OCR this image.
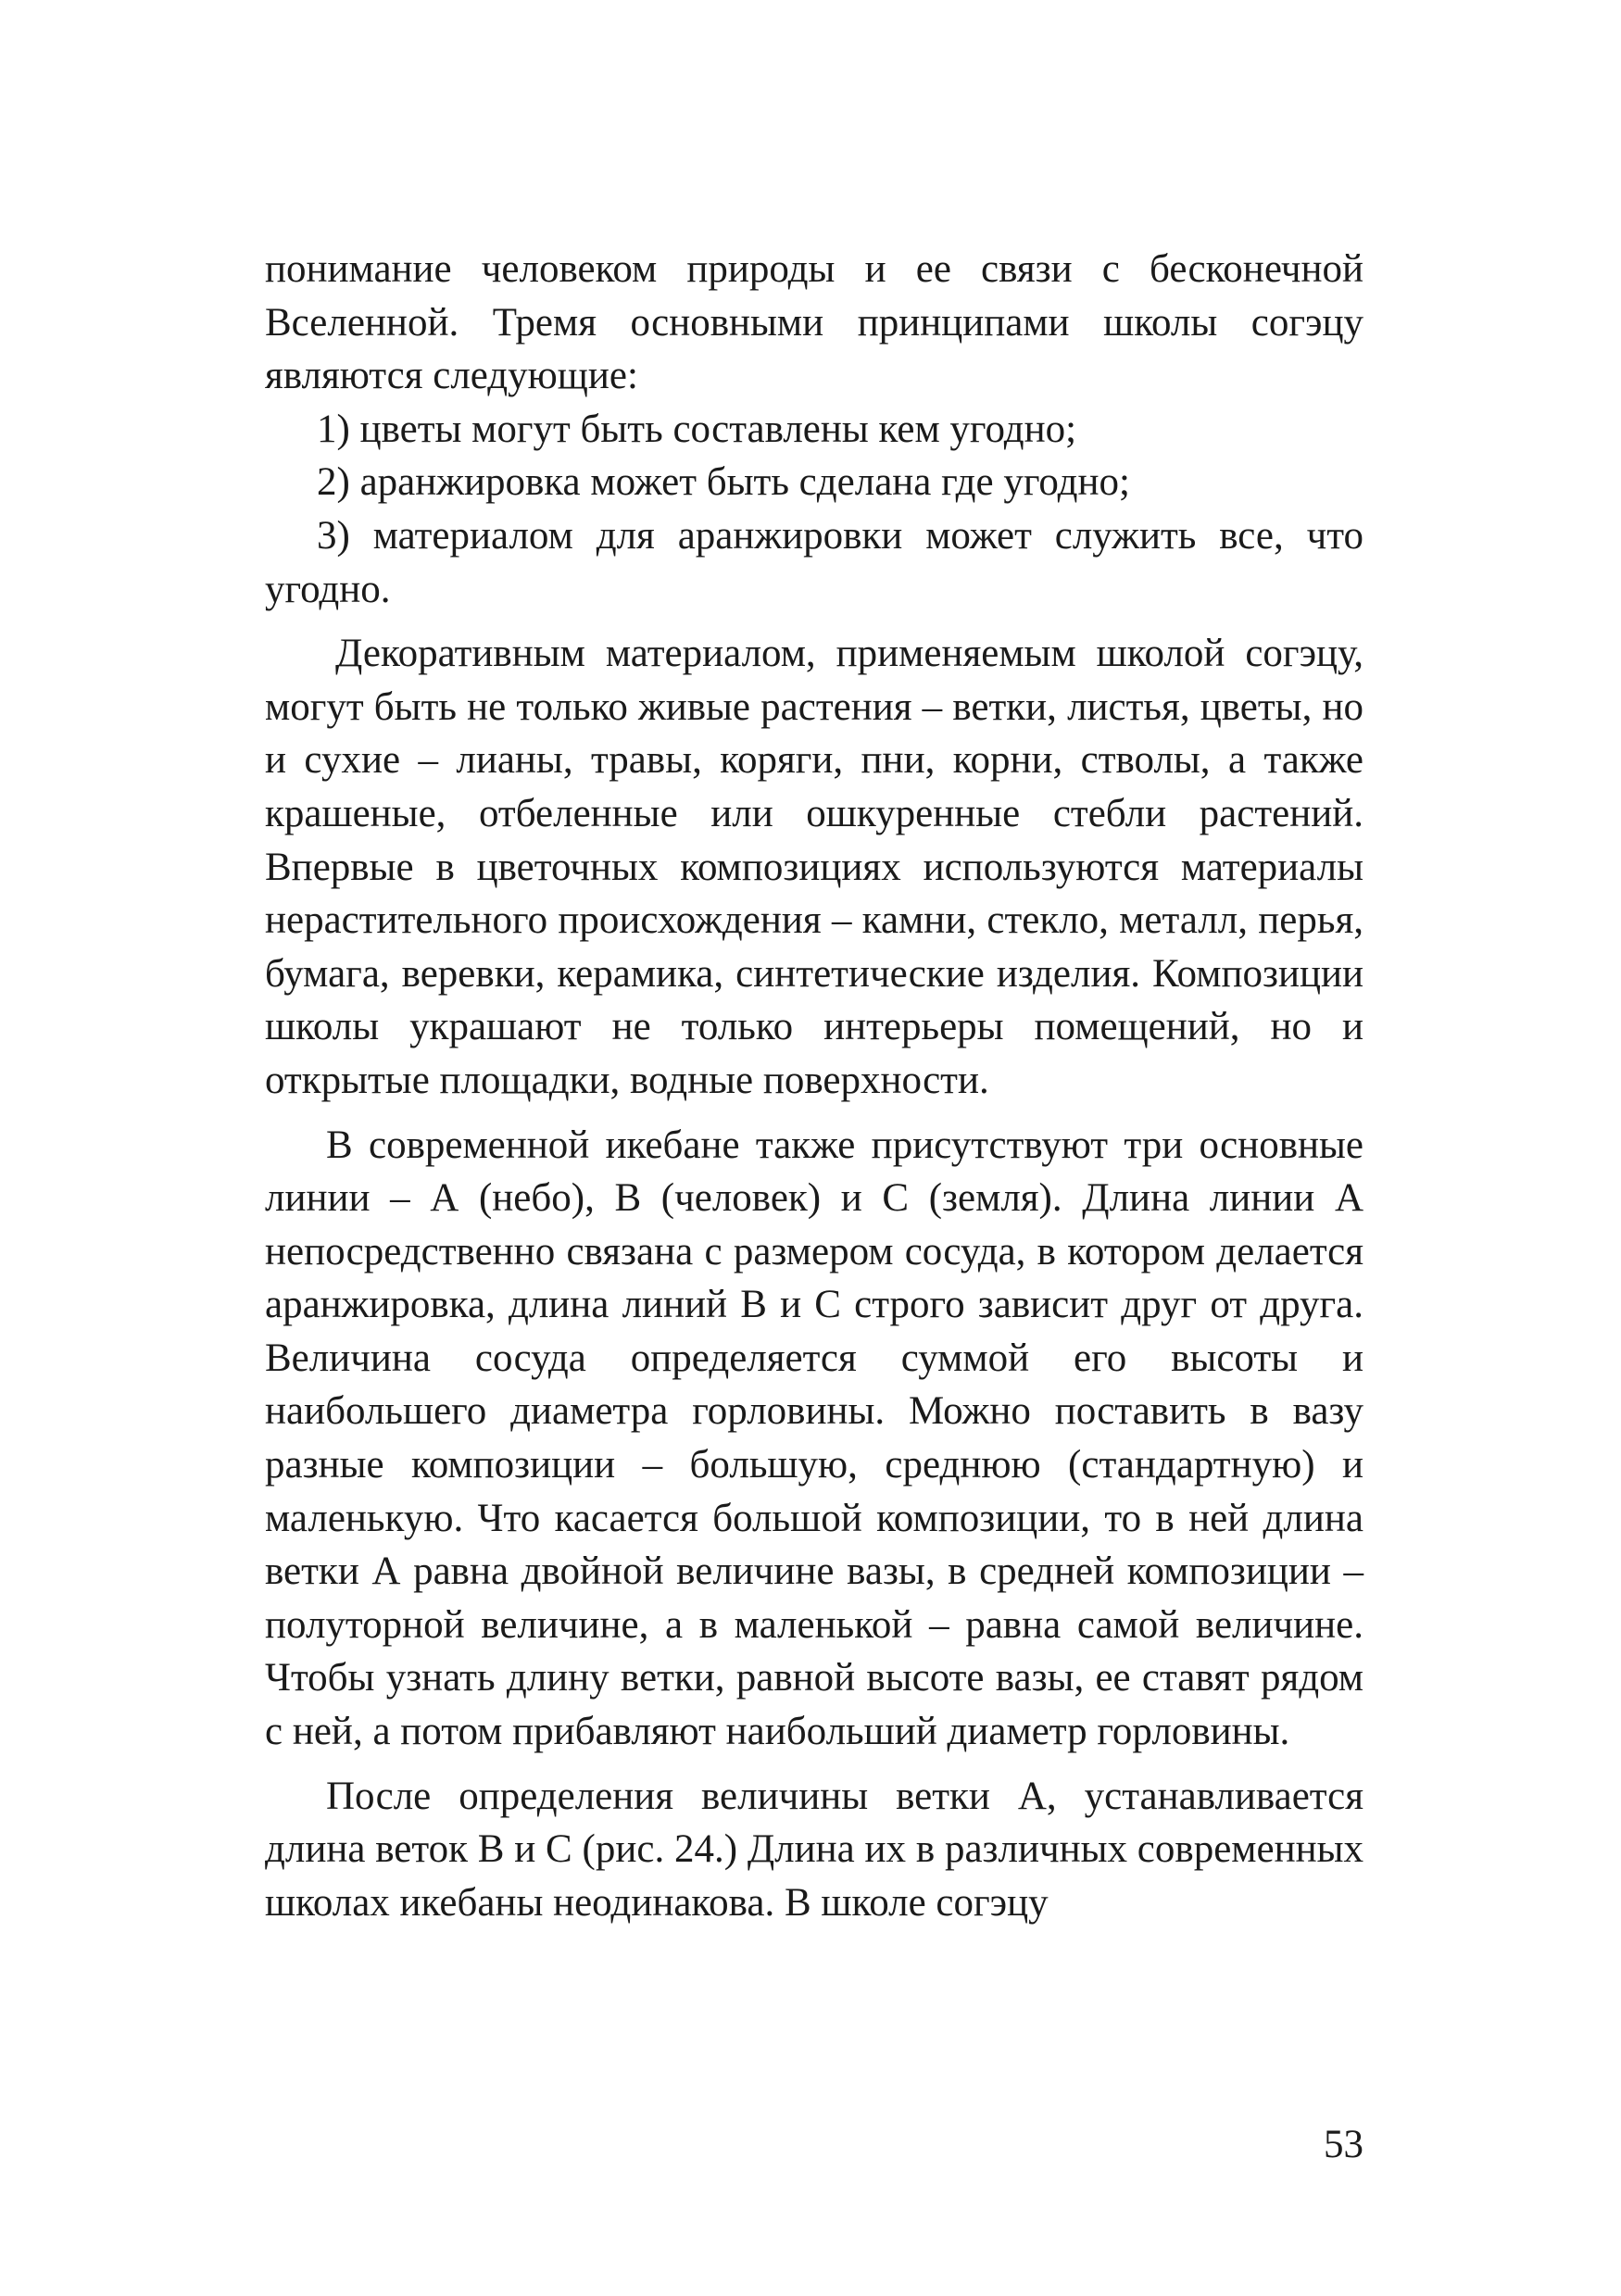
понимание человеком природы и ее связи с бесконечной Вселенной. Тремя основными принципами школы согэцу являются следующие:

1) цветы могут быть составлены кем угодно;

2) аранжировка может быть сделана где угодно;

3) материалом для аранжировки может служить все, что угодно.

Декоративным материалом, применяемым школой согэцу, могут быть не только живые растения – ветки, листья, цветы, но и сухие – лианы, травы, коряги, пни, корни, стволы, а также крашеные, отбеленные или ошкуренные стебли растений. Впервые в цветочных композициях используются материалы нерастительного происхождения – камни, стекло, металл, перья, бумага, веревки, керамика, синтетические изделия. Композиции школы украшают не только интерьеры помещений, но и открытые площадки, водные поверхности.

В современной икебане также присутствуют три основные линии – А (небо), В (человек) и С (земля). Длина линии А непосредственно связана с размером сосуда, в котором делается аранжировка, длина линий В и С строго зависит друг от друга. Величина сосуда определяется суммой его высоты и наибольшего диаметра горловины. Можно поставить в вазу разные композиции – большую, среднюю (стандартную) и маленькую. Что касается большой композиции, то в ней длина ветки А равна двойной величине вазы, в средней композиции – полуторной величине, а в маленькой – равна самой величине. Чтобы узнать длину ветки, равной высоте вазы, ее ставят рядом с ней, а потом прибавляют наибольший диаметр горловины.

После определения величины ветки А, устанавливается длина веток В и С (рис. 24.) Длина их в различных современных школах икебаны неодинакова. В школе согэцу

53
